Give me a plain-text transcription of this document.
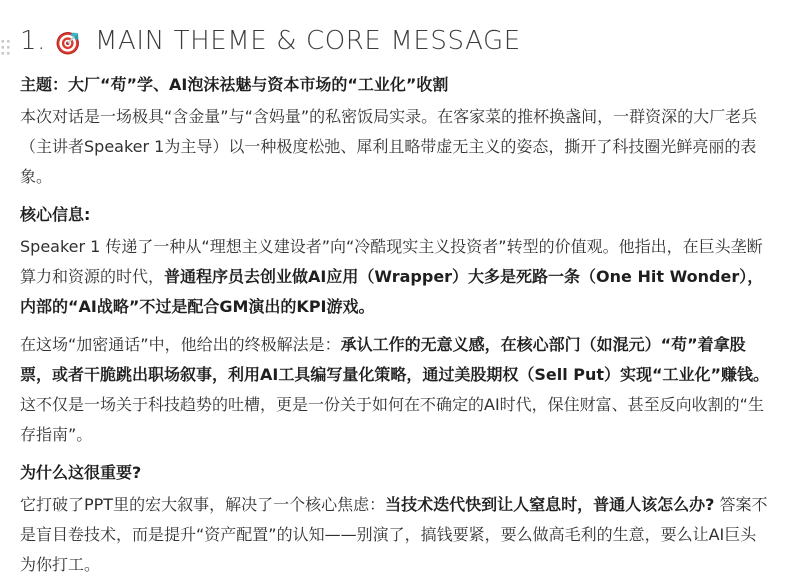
1. MAIN THEME & CORE MESSAGE

主题：大厂“苟”学、AI泡沫祛魅与资本市场的“工业化”收割

本次对话是一场极具“含金量”与“含妈量”的私密饭局实录。在客家菜的推杯换盏间，一群资深的大厂老兵（主讲者Speaker 1为主导）以一种极度松弛、犀利且略带虚无主义的姿态，撕开了科技圈光鲜亮丽的表象。

核心信息:

Speaker 1 传递了一种从“理想主义建设者”向“冷酷现实主义投资者”转型的价值观。他指出，在巨头垄断算力和资源的时代，普通程序员去创业做AI应用（Wrapper）大多是死路一条（One Hit Wonder），内部的“AI战略”不过是配合GM演出的KPI游戏。

在这场“加密通话”中，他给出的终极解法是：承认工作的无意义感，在核心部门（如混元）“苟”着拿股票，或者干脆跳出职场叙事，利用AI工具编写量化策略，通过美股期权（Sell Put）实现“工业化”赚钱。 这不仅是一场关于科技趋势的吐槽，更是一份关于如何在不确定的AI时代，保住财富、甚至反向收割的“生存指南”。

为什么这很重要?

它打破了PPT里的宏大叙事，解决了一个核心焦虑：当技术迭代快到让人窒息时，普通人该怎么办? 答案不是盲目卷技术，而是提升“资产配置”的认知——别演了，搞钱要紧，要么做高毛利的生意，要么让AI巨头为你打工。
